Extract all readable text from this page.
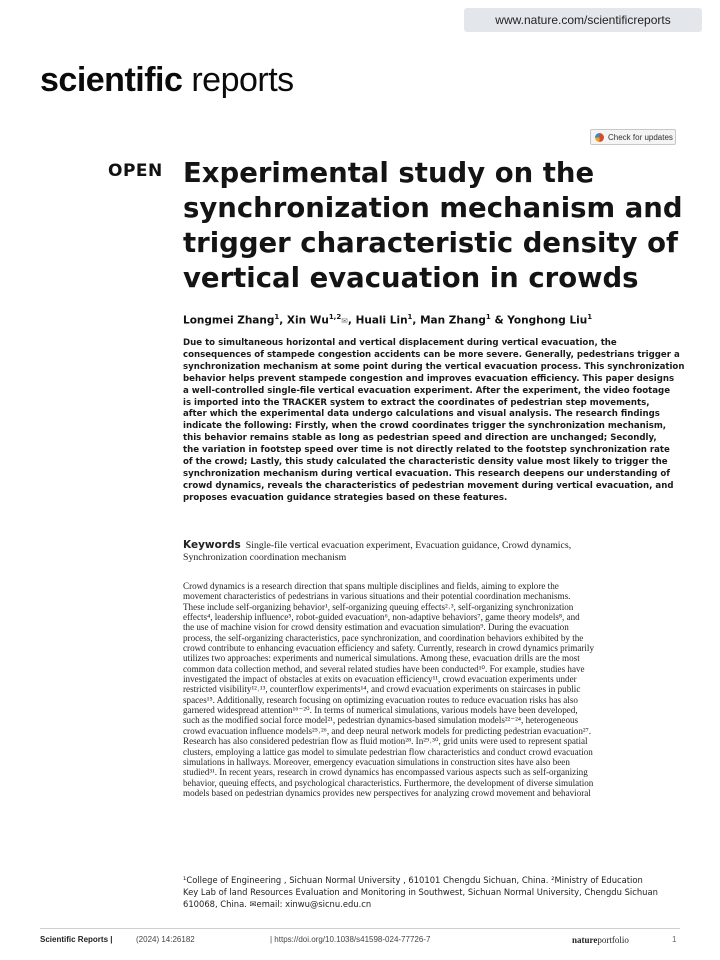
www.nature.com/scientificreports
scientific reports
Check for updates
OPEN Experimental study on the
synchronization mechanism and
trigger characteristic density of
vertical evacuation in crowds
Longmei Zhang$^1$, Xin Wu$^{1,2}$✉, Huali Lin$^1$, Man Zhang$^1$ & Yonghong Liu$^1$
Due to simultaneous horizontal and vertical displacement during vertical evacuation, the
consequences of stampede congestion accidents can be more severe. Generally, pedestrians trigger a
synchronization mechanism at some point during the vertical evacuation process. This synchronization
behavior helps prevent stampede congestion and improves evacuation efficiency. This paper designs
a well-controlled single-file vertical evacuation experiment. After the experiment, the video footage
is imported into the TRACKER system to extract the coordinates of pedestrian step movements,
after which the experimental data undergo calculations and visual analysis. The research findings
indicate the following: Firstly, when the crowd coordinates trigger the synchronization mechanism,
this behavior remains stable as long as pedestrian speed and direction are unchanged; Secondly,
the variation in footstep speed over time is not directly related to the footstep synchronization rate
of the crowd; Lastly, this study calculated the characteristic density value most likely to trigger the
synchronization mechanism during vertical evacuation. This research deepens our understanding of
crowd dynamics, reveals the characteristics of pedestrian movement during vertical evacuation, and
proposes evacuation guidance strategies based on these features.
Keywords Single-file vertical evacuation experiment, Evacuation guidance, Crowd dynamics,
Synchronization coordination mechanism
Crowd dynamics is a research direction that spans multiple disciplines and fields, aiming to explore the
movement characteristics of pedestrians in various situations and their potential coordination mechanisms.
These include self-organizing behavior¹, self-organizing queuing effects²˒³, self-organizing synchronization
effects⁴, leadership influence⁵, robot-guided evacuation⁶, non-adaptive behaviors⁷, game theory models⁸, and
the use of machine vision for crowd density estimation and evacuation simulation⁹. During the evacuation
process, the self-organizing characteristics, pace synchronization, and coordination behaviors exhibited by the
crowd contribute to enhancing evacuation efficiency and safety. Currently, research in crowd dynamics primarily
utilizes two approaches: experiments and numerical simulations. Among these, evacuation drills are the most
common data collection method, and several related studies have been conducted¹⁰. For example, studies have
investigated the impact of obstacles at exits on evacuation efficiency¹¹, crowd evacuation experiments under
restricted visibility¹²˒¹³, counterflow experiments¹⁴, and crowd evacuation experiments on staircases in public
spaces¹⁵. Additionally, research focusing on optimizing evacuation routes to reduce evacuation risks has also
garnered widespread attention¹⁶⁻²⁰. In terms of numerical simulations, various models have been developed,
such as the modified social force model²¹, pedestrian dynamics-based simulation models²²⁻²⁴, heterogeneous
crowd evacuation influence models²⁵˒²⁶, and deep neural network models for predicting pedestrian evacuation²⁷.
Research has also considered pedestrian flow as fluid motion²⁸. In²⁹˒³⁰, grid units were used to represent spatial
clusters, employing a lattice gas model to simulate pedestrian flow characteristics and conduct crowd evacuation
simulations in hallways. Moreover, emergency evacuation simulations in construction sites have also been
studied³¹. In recent years, research in crowd dynamics has encompassed various aspects such as self-organizing
behavior, queuing effects, and psychological characteristics. Furthermore, the development of diverse simulation
models based on pedestrian dynamics provides new perspectives for analyzing crowd movement and behavioral
¹College of Engineering , Sichuan Normal University , 610101 Chengdu Sichuan, China. ²Ministry of Education
Key Lab of land Resources Evaluation and Monitoring in Southwest, Sichuan Normal University, Chengdu Sichuan
610068, China. ✉email: xinwu@sicnu.edu.cn
Scientific Reports |	(2024) 14:26182	| https://doi.org/10.1038/s41598-024-77726-7	natureportfolio	1
